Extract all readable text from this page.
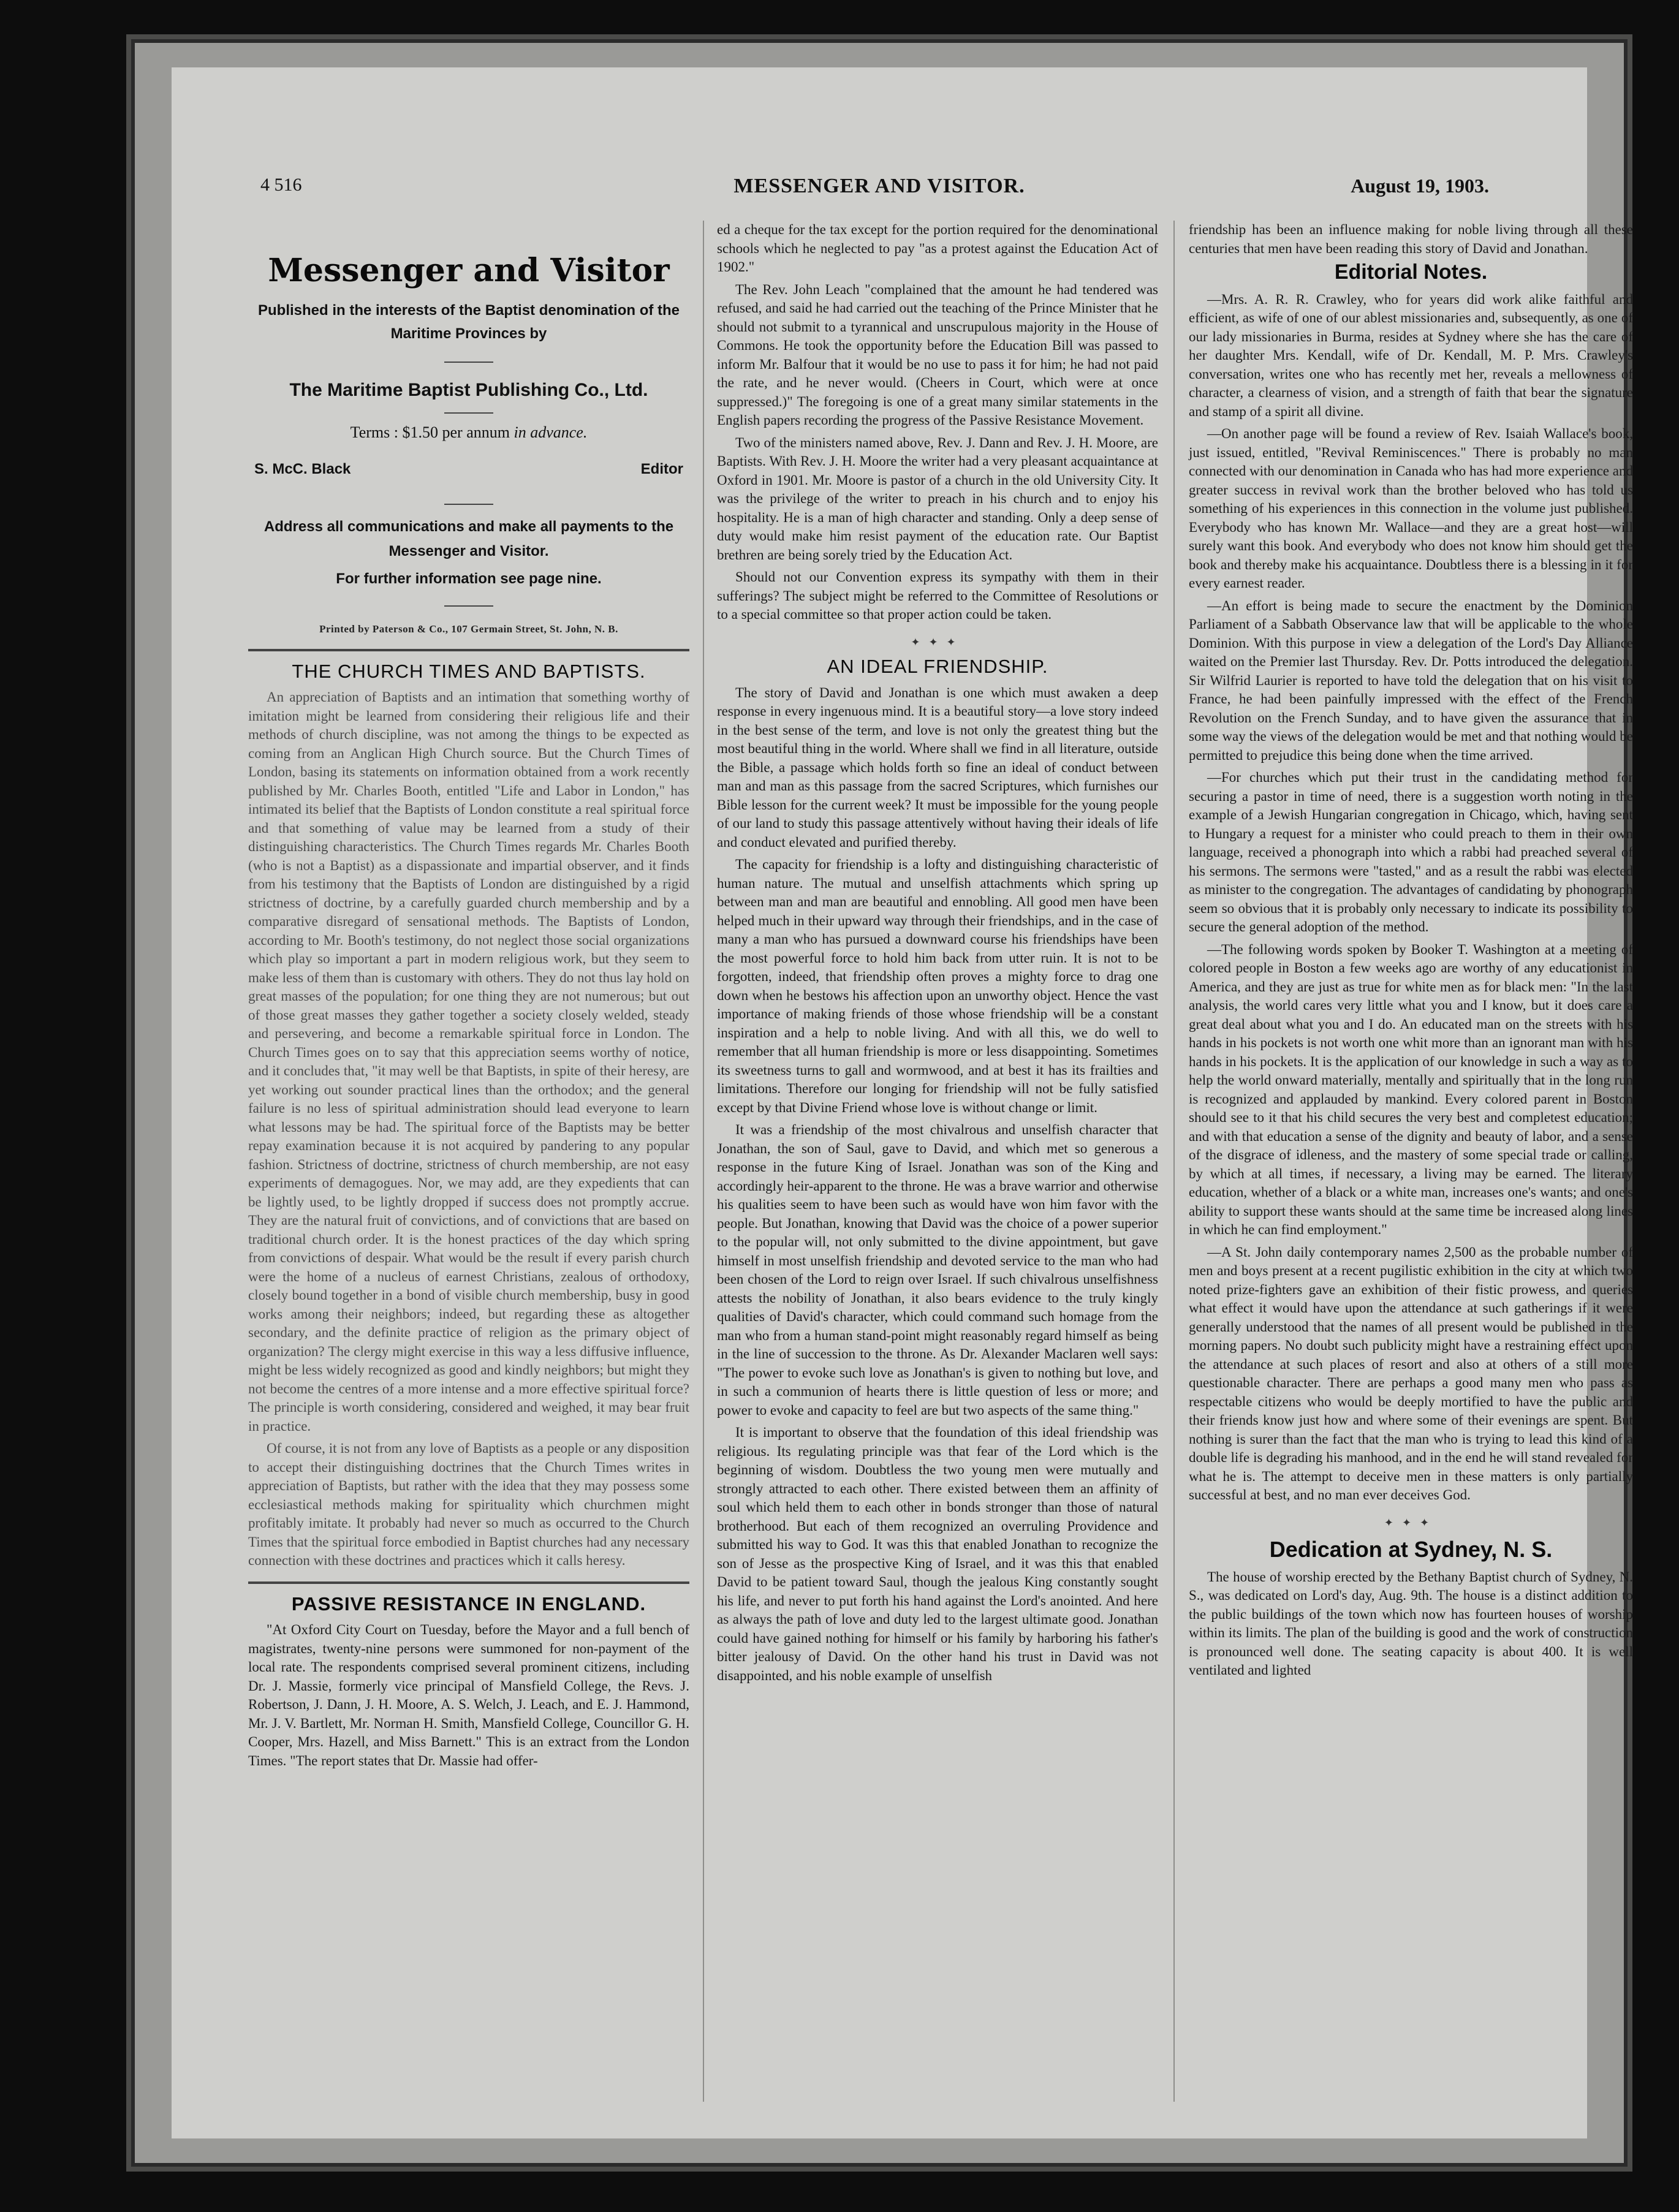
4 516	MESSENGER AND VISITOR.	August 19, 1903.
Messenger and Visitor
Published in the interests of the Baptist denomination of the Maritime Provinces by
The Maritime Baptist Publishing Co., Ltd.
Terms : $1.50 per annum in advance.
S. McC. Black	Editor
Address all communications and make all payments to the Messenger and Visitor.
For further information see page nine.
Printed by Paterson & Co., 107 Germain Street, St. John, N. B.
THE CHURCH TIMES AND BAPTISTS.

An appreciation of Baptists and an intimation that something worthy of imitation might be learned from considering their religious life and their methods of church discipline, was not among the things to be expected as coming from an Anglican High Church source. But the Church Times of London, basing its statements on information obtained from a work recently published by Mr. Charles Booth, entitled "Life and Labor in London," has intimated its belief that the Baptists of London constitute a real spiritual force and that something of value may be learned from a study of their distinguishing characteristics. The Church Times regards Mr. Charles Booth (who is not a Baptist) as a dispassionate and impartial observer, and it finds from his testimony that the Baptists of London are distinguished by a rigid strictness of doctrine, by a carefully guarded church membership and by a comparative disregard of sensational methods. The Baptists of London, according to Mr. Booth's testimony, do not neglect those social organizations which play so important a part in modern religious work, but they seem to make less of them than is customary with others. They do not thus lay hold on great masses of the population; for one thing they are not numerous; but out of those great masses they gather together a society closely welded, steady and persevering, and become a remarkable spiritual force in London. The Church Times goes on to say that this appreciation seems worthy of notice, and it concludes that, "it may well be that Baptists, in spite of their heresy, are yet working out sounder practical lines than the orthodox; and the general failure is no less of spiritual administration should lead everyone to learn what lessons may be had. The spiritual force of the Baptists may be better repay examination because it is not acquired by pandering to any popular fashion. Strictness of doctrine, strictness of church membership, are not easy experiments of demagogues. Nor, we may add, are they expedients that can be lightly used, to be lightly dropped if success does not promptly accrue. They are the natural fruit of convictions, and of convictions that are based on traditional church order. It is the honest practices of the day which spring from convictions of despair. What would be the result if every parish church were the home of a nucleus of earnest Christians, zealous of orthodoxy, closely bound together in a bond of visible church membership, busy in good works among their neighbors; indeed, but regarding these as altogether secondary, and the definite practice of religion as the primary object of organization? The clergy might exercise in this way a less diffusive influence, might be less widely recognized as good and kindly neighbors; but might they not become the centres of a more intense and a more effective spiritual force? The principle is worth considering, considered and weighed, it may bear fruit in practice.

Of course, it is not from any love of Baptists as a people or any disposition to accept their distinguishing doctrines that the Church Times writes in appreciation of Baptists, but rather with the idea that they may possess some ecclesiastical methods making for spirituality which churchmen might profitably imitate. It probably had never so much as occurred to the Church Times that the spiritual force embodied in Baptist churches had any necessary connection with these doctrines and practices which it calls heresy.

PASSIVE RESISTANCE IN ENGLAND.

"At Oxford City Court on Tuesday, before the Mayor and a full bench of magistrates, twenty-nine persons were summoned for non-payment of the local rate. The respondents comprised several prominent citizens, including Dr. J. Massie, formerly vice principal of Mansfield College, the Revs. J. Robertson, J. Dann, J. H. Moore, A. S. Welch, J. Leach, and E. J. Hammond, Mr. J. V. Bartlett, Mr. Norman H. Smith, Mansfield College, Councillor G. H. Cooper, Mrs. Hazell, and Miss Barnett." This is an extract from the London Times. "The report states that Dr. Massie had offer-

ed a cheque for the tax except for the portion required for the denominational schools which he neglected to pay "as a protest against the Education Act of 1902."

The Rev. John Leach "complained that the amount he had tendered was refused, and said he had carried out the teaching of the Prince Minister that he should not submit to a tyrannical and unscrupulous majority in the House of Commons. He took the opportunity before the Education Bill was passed to inform Mr. Balfour that it would be no use to pass it for him; he had not paid the rate, and he never would. (Cheers in Court, which were at once suppressed.)" The foregoing is one of a great many similar statements in the English papers recording the progress of the Passive Resistance Movement.

Two of the ministers named above, Rev. J. Dann and Rev. J. H. Moore, are Baptists. With Rev. J. H. Moore the writer had a very pleasant acquaintance at Oxford in 1901. Mr. Moore is pastor of a church in the old University City. It was the privilege of the writer to preach in his church and to enjoy his hospitality. He is a man of high character and standing. Only a deep sense of duty would make him resist payment of the education rate. Our Baptist brethren are being sorely tried by the Education Act.

Should not our Convention express its sympathy with them in their sufferings? The subject might be referred to the Committee of Resolutions or to a special committee so that proper action could be taken.

✦✦✦
AN IDEAL FRIENDSHIP.

The story of David and Jonathan is one which must awaken a deep response in every ingenuous mind. It is a beautiful story—a love story indeed in the best sense of the term, and love is not only the greatest thing but the most beautiful thing in the world. Where shall we find in all literature, outside the Bible, a passage which holds forth so fine an ideal of conduct between man and man as this passage from the sacred Scriptures, which furnishes our Bible lesson for the current week? It must be impossible for the young people of our land to study this passage attentively without having their ideals of life and conduct elevated and purified thereby.

The capacity for friendship is a lofty and distinguishing characteristic of human nature. The mutual and unselfish attachments which spring up between man and man are beautiful and ennobling. All good men have been helped much in their upward way through their friendships, and in the case of many a man who has pursued a downward course his friendships have been the most powerful force to hold him back from utter ruin. It is not to be forgotten, indeed, that friendship often proves a mighty force to drag one down when he bestows his affection upon an unworthy object. Hence the vast importance of making friends of those whose friendship will be a constant inspiration and a help to noble living. And with all this, we do well to remember that all human friendship is more or less disappointing. Sometimes its sweetness turns to gall and wormwood, and at best it has its frailties and limitations. Therefore our longing for friendship will not be fully satisfied except by that Divine Friend whose love is without change or limit.

It was a friendship of the most chivalrous and unselfish character that Jonathan, the son of Saul, gave to David, and which met so generous a response in the future King of Israel. Jonathan was son of the King and accordingly heir-apparent to the throne. He was a brave warrior and otherwise his qualities seem to have been such as would have won him favor with the people. But Jonathan, knowing that David was the choice of a power superior to the popular will, not only submitted to the divine appointment, but gave himself in most unselfish friendship and devoted service to the man who had been chosen of the Lord to reign over Israel. If such chivalrous unselfishness attests the nobility of Jonathan, it also bears evidence to the truly kingly qualities of David's character, which could command such homage from the man who from a human stand-point might reasonably regard himself as being in the line of succession to the throne. As Dr. Alexander Maclaren well says: "The power to evoke such love as Jonathan's is given to nothing but love, and in such a communion of hearts there is little question of less or more; and power to evoke and capacity to feel are but two aspects of the same thing."

It is important to observe that the foundation of this ideal friendship was religious. Its regulating principle was that fear of the Lord which is the beginning of wisdom. Doubtless the two young men were mutually and strongly attracted to each other. There existed between them an affinity of soul which held them to each other in bonds stronger than those of natural brotherhood. But each of them recognized an overruling Providence and submitted his way to God. It was this that enabled Jonathan to recognize the son of Jesse as the prospective King of Israel, and it was this that enabled David to be patient toward Saul, though the jealous King constantly sought his life, and never to put forth his hand against the Lord's anointed. And here as always the path of love and duty led to the largest ultimate good. Jonathan could have gained nothing for himself or his family by harboring his father's bitter jealousy of David. On the other hand his trust in David was not disappointed, and his noble example of unselfish

friendship has been an influence making for noble living through all these centuries that men have been reading this story of David and Jonathan.

Editorial Notes.

—Mrs. A. R. R. Crawley, who for years did work alike faithful and efficient, as wife of one of our ablest missionaries and, subsequently, as one of our lady missionaries in Burma, resides at Sydney where she has the care of her daughter Mrs. Kendall, wife of Dr. Kendall, M. P. Mrs. Crawley's conversation, writes one who has recently met her, reveals a mellowness of character, a clearness of vision, and a strength of faith that bear the signature and stamp of a spirit all divine.

—On another page will be found a review of Rev. Isaiah Wallace's book, just issued, entitled, "Revival Reminiscences." There is probably no man connected with our denomination in Canada who has had more experience and greater success in revival work than the brother beloved who has told us something of his experiences in this connection in the volume just published. Everybody who has known Mr. Wallace—and they are a great host—will surely want this book. And everybody who does not know him should get the book and thereby make his acquaintance. Doubtless there is a blessing in it for every earnest reader.

—An effort is being made to secure the enactment by the Dominion Parliament of a Sabbath Observance law that will be applicable to the whole Dominion. With this purpose in view a delegation of the Lord's Day Alliance waited on the Premier last Thursday. Rev. Dr. Potts introduced the delegation. Sir Wilfrid Laurier is reported to have told the delegation that on his visit to France, he had been painfully impressed with the effect of the French Revolution on the French Sunday, and to have given the assurance that in some way the views of the delegation would be met and that nothing would be permitted to prejudice this being done when the time arrived.

—For churches which put their trust in the candidating method for securing a pastor in time of need, there is a suggestion worth noting in the example of a Jewish Hungarian congregation in Chicago, which, having sent to Hungary a request for a minister who could preach to them in their own language, received a phonograph into which a rabbi had preached several of his sermons. The sermons were "tasted," and as a result the rabbi was elected as minister to the congregation. The advantages of candidating by phonograph seem so obvious that it is probably only necessary to indicate its possibility to secure the general adoption of the method.

—The following words spoken by Booker T. Washington at a meeting of colored people in Boston a few weeks ago are worthy of any educationist in America, and they are just as true for white men as for black men: "In the last analysis, the world cares very little what you and I know, but it does care a great deal about what you and I do. An educated man on the streets with his hands in his pockets is not worth one whit more than an ignorant man with his hands in his pockets. It is the application of our knowledge in such a way as to help the world onward materially, mentally and spiritually that in the long run is recognized and applauded by mankind. Every colored parent in Boston should see to it that his child secures the very best and completest education; and with that education a sense of the dignity and beauty of labor, and a sense of the disgrace of idleness, and the mastery of some special trade or calling, by which at all times, if necessary, a living may be earned. The literary education, whether of a black or a white man, increases one's wants; and one's ability to support these wants should at the same time be increased along lines in which he can find employment."

—A St. John daily contemporary names 2,500 as the probable number of men and boys present at a recent pugilistic exhibition in the city at which two noted prize-fighters gave an exhibition of their fistic prowess, and queries what effect it would have upon the attendance at such gatherings if it were generally understood that the names of all present would be published in the morning papers. No doubt such publicity might have a restraining effect upon the attendance at such places of resort and also at others of a still more questionable character. There are perhaps a good many men who pass as respectable citizens who would be deeply mortified to have the public and their friends know just how and where some of their evenings are spent. But nothing is surer than the fact that the man who is trying to lead this kind of a double life is degrading his manhood, and in the end he will stand revealed for what he is. The attempt to deceive men in these matters is only partially successful at best, and no man ever deceives God.

✦✦✦
Dedication at Sydney, N. S.

The house of worship erected by the Bethany Baptist church of Sydney, N. S., was dedicated on Lord's day, Aug. 9th. The house is a distinct addition to the public buildings of the town which now has fourteen houses of worship within its limits. The plan of the building is good and the work of construction is pronounced well done. The seating capacity is about 400. It is well ventilated and lighted
